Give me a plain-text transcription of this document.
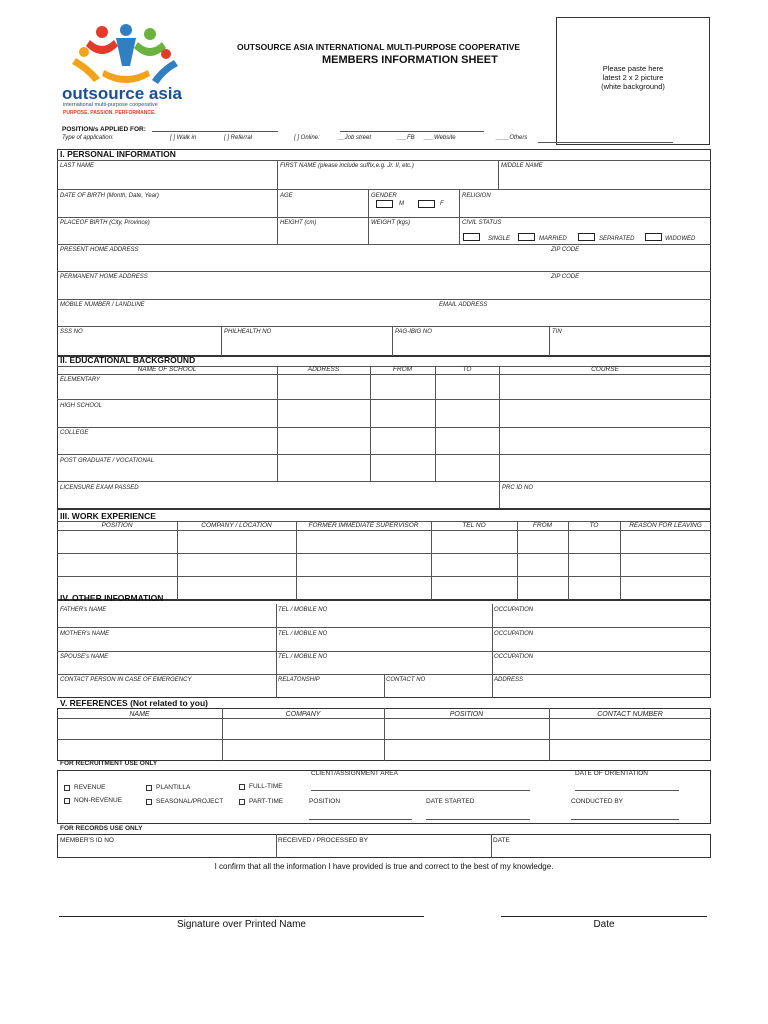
outsource asia
international multi-purpose cooperative
PURPOSE. PASSION. PERFORMANCE.
OUTSOURCE ASIA INTERNATIONAL MULTI-PURPOSE COOPERATIVE
MEMBERS INFORMATION SHEET
Please paste here
latest 2 x 2 picture
(white background)
POSITION/s APPLIED FOR:
Type of application:	[ ] Walk in	[ ] Referral	[ ] Online:	__Job street	___FB ___Website	____Others
I. PERSONAL INFORMATION
LAST NAME	FIRST NAME (please include suffix,e.g. Jr. II, etc.)	MIDDLE NAME
DATE OF BIRTH (Month, Date, Year)	AGE	GENDER
M	F
RELIGION
PLACEOF BIRTH (City, Province)	HEIGHT (cm)	WEIGHT (kgs)	CIVIL STATUS
SINGLE	MARRIED	SEPARATED	WIDOWED
PRESENT HOME ADDRESS	ZIP CODE
PERMANENT HOME ADDRESS	ZIP CODE
MOBILE NUMBER / LANDLINE	EMAIL ADDRESS
SSS NO	PHILHEALTH NO	PAG-IBIG NO	TIN
II. EDUCATIONAL BACKGROUND
NAME OF SCHOOL	ADDRESS	FROM	TO	COURSE
ELEMENTARY
HIGH SCHOOL
COLLEGE
POST GRADUATE / VOCATIONAL
LICENSURE EXAM PASSED	PRC ID NO
III. WORK EXPERIENCE
POSITION	COMPANY / LOCATION	FORMER IMMEDIATE SUPERVISOR	TEL NO	FROM	TO	REASON FOR LEAVING
IV. OTHER INFORMATION
FATHER's NAME	TEL / MOBILE NO	OCCUPATION
MOTHER's NAME	TEL / MOBILE NO	OCCUPATION
SPOUSE's NAME	TEL / MOBILE NO	OCCUPATION
CONTACT PERSON IN CASE OF EMERGENCY	RELATONSHIP	CONTACT NO	ADDRESS
V. REFERENCES (Not related to you)
NAME	COMPANY	POSITION	CONTACT NUMBER
FOR RECRUITMENT USE ONLY
REVENUE
NON-REVENUE
PLANTILLA
SEASONAL/PROJECT
FULL-TIME
PART-TIME
CLIENT/ASSIGNMENT AREA	DATE OF ORIENTATION
POSITION	DATE STARTED	CONDUCTED BY
FOR RECORDS USE ONLY
MEMBER'S ID NO	RECEIVED / PROCESSED BY	DATE
I confirm that all the information I have provided is true and correct to the best of my knowledge.
Signature over Printed Name	Date
